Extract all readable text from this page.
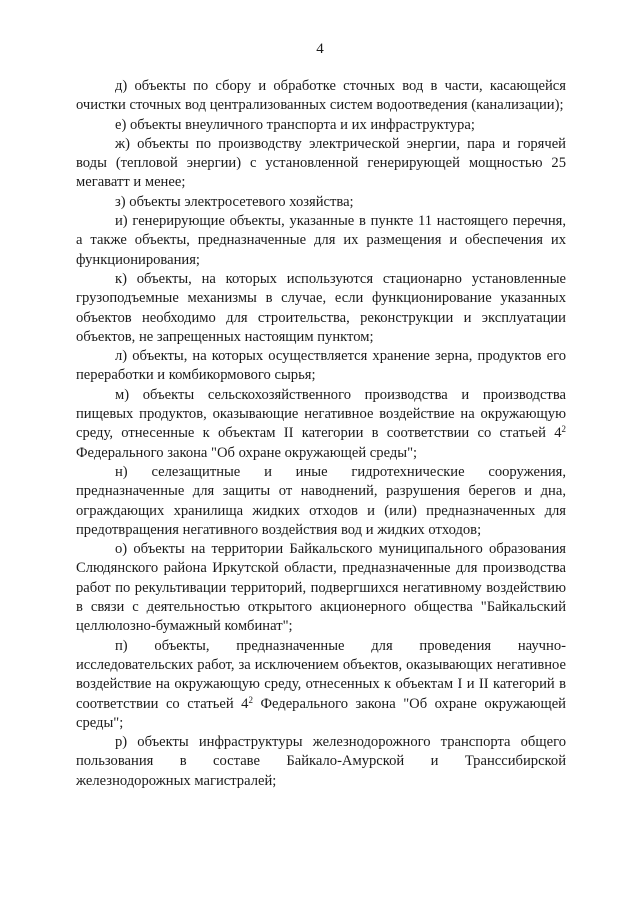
4

д) объекты по сбору и обработке сточных вод в части, касающейся очистки сточных вод централизованных систем водоотведения (канализации);

е) объекты внеуличного транспорта и их инфраструктура;

ж) объекты по производству электрической энергии, пара и горячей воды (тепловой энергии) с установленной генерирующей мощностью 25 мегаватт и менее;

з) объекты электросетевого хозяйства;

и) генерирующие объекты, указанные в пункте 11 настоящего перечня, а также объекты, предназначенные для их размещения и обеспечения их функционирования;

к) объекты, на которых используются стационарно установленные грузоподъемные механизмы в случае, если функционирование указанных объектов необходимо для строительства, реконструкции и эксплуатации объектов, не запрещенных настоящим пунктом;

л) объекты, на которых осуществляется хранение зерна, продуктов его переработки и комбикормового сырья;

м) объекты сельскохозяйственного производства и производства пищевых продуктов, оказывающие негативное воздействие на окружающую среду, отнесенные к объектам II категории в соответствии со статьей $4^2$ Федерального закона "Об охране окружающей среды";

н) селезащитные и иные гидротехнические сооружения, предназначенные для защиты от наводнений, разрушения берегов и дна, ограждающих хранилища жидких отходов и (или) предназначенных для предотвращения негативного воздействия вод и жидких отходов;

о) объекты на территории Байкальского муниципального образования Слюдянского района Иркутской области, предназначенные для производства работ по рекультивации территорий, подвергшихся негативному воздействию в связи с деятельностью открытого акционерного общества "Байкальский целлюлозно-бумажный комбинат";

п) объекты, предназначенные для проведения научно-исследовательских работ, за исключением объектов, оказывающих негативное воздействие на окружающую среду, отнесенных к объектам I и II категорий в соответствии со статьей $4^2$ Федерального закона "Об охране окружающей среды";

р) объекты инфраструктуры железнодорожного транспорта общего пользования в составе Байкало-Амурской и Транссибирской железнодорожных магистралей;
